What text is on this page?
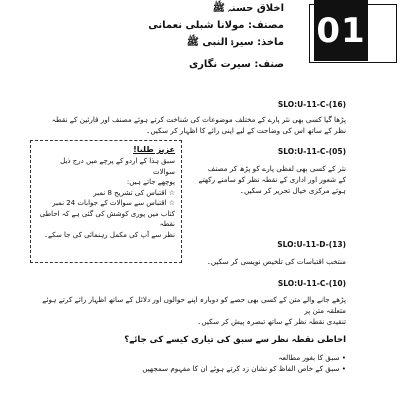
01
اخلاق حسنہ ﷺ
مصنف: مولانا شبلی نعمانی
ماخذ: سیرۃ النبی ﷺ
صنف: سیرت نگاری
SLO:U-11-C-(16)
پڑھا گیا کسی بھی نثر پارے کے مختلف موضوعات کی شناخت کرتے ہوئے مصنف اور قارئین کے نقطہ
نظر کے ساتھ اس کی وضاحت کے لیے اپنی رائے کا اظہار کر سکیں۔
عزیز طلبا!
سبق ہذا کے اردو کے پرچے میں درج ذیل سوالات
پوچھے جاتے ہیں:
☆ اقتباس کی تشریح 8 نمبر
☆ اقتباس سے سوالات کے جوابات 24 نمبر
کتاب میں پوری کوشش کی گئی ہے کہ احاطی نقطہ
نظر سے آپ کی مکمل رہنمائی کی جا سکے۔
SLO:U-11-C-(05)
نثر کے کسی بھی لفظی پارے کو پڑھ کر مصنف
کے شعور اور اداری کے نقطہ نظر کو سامنے رکھتے
ہوئے مرکزی خیال تحریر کر سکیں۔
SLO:U-11-D-(13)
منتخب اقتباسات کی تلخیص نویسی کر سکیں۔
SLO:U-11-C-(10)
پڑھے جانے والے متن کے کسی بھی حصے کو دوبارہ اپنے حوالوں اور دلائل کے ساتھ اظہار رائے کرتے ہوئے متعلقہ متن پر
تنقیدی نقطہ نظر کے ساتھ تبصرہ پیش کر سکیں۔
احاطی نقطہ نظر سے سبق کی تیاری کیسے کی جائے؟
• سبق کا بغور مطالعہ
• سبق کے خاص الفاظ کو نشان زد کرتے ہوئے ان کا مفہوم سمجھیں
